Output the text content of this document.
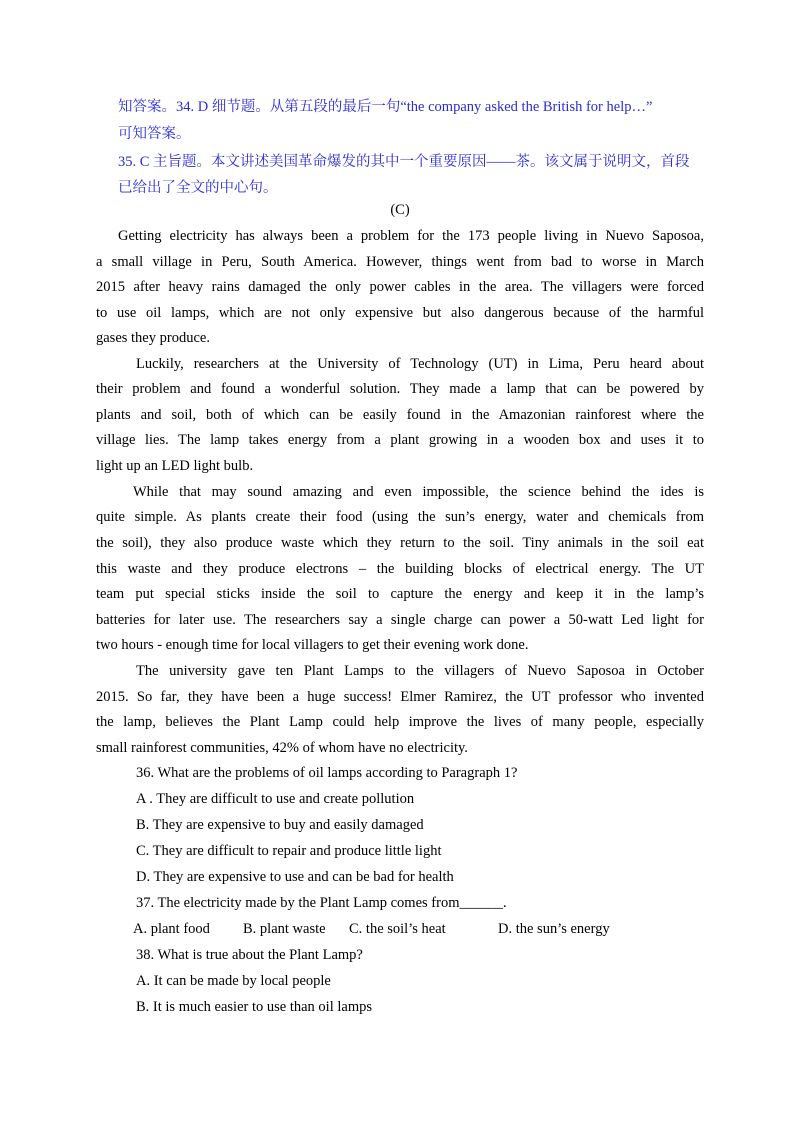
知答案。34. D 细节题。从第五段的最后一句“the company asked the British for help…”
可知答案。
35. C 主旨题。本文讲述美国革命爆发的其中一个重要原因——茶。该文属于说明文，首段
已给出了全文的中心句。
(C)
Getting electricity has always been a problem for the 173 people living in Nuevo Saposoa,
a small village in Peru, South America. However, things went from bad to worse in March
2015 after heavy rains damaged the only power cables in the area. The villagers were forced
to use oil lamps, which are not only expensive but also dangerous because of the harmful
gases they produce.
Luckily, researchers at the University of Technology (UT) in Lima, Peru heard about
their problem and found a wonderful solution. They made a lamp that can be powered by
plants and soil, both of which can be easily found in the Amazonian rainforest where the
village lies. The lamp takes energy from a plant growing in a wooden box and uses it to
light up an LED light bulb.
While that may sound amazing and even impossible, the science behind the ides is
quite simple. As plants create their food (using the sun’s energy, water and chemicals from
the soil), they also produce waste which they return to the soil. Tiny animals in the soil eat
this waste and they produce electrons – the building blocks of electrical energy. The UT
team put special sticks inside the soil to capture the energy and keep it in the lamp’s
batteries for later use. The researchers say a single charge can power a 50-watt Led light for
two hours - enough time for local villagers to get their evening work done.
The university gave ten Plant Lamps to the villagers of Nuevo Saposoa in October
2015. So far, they have been a huge success! Elmer Ramirez, the UT professor who invented
the lamp, believes the Plant Lamp could help improve the lives of many people, especially
small rainforest communities, 42% of whom have no electricity.
36. What are the problems of oil lamps according to Paragraph 1?
A . They are difficult to use and create pollution
B. They are expensive to buy and easily damaged
C. They are difficult to repair and produce little light
D. They are expensive to use and can be bad for health
37. The electricity made by the Plant Lamp comes from______.
A. plant food B. plant waste C. the soil’s heat	D. the sun’s energy
38. What is true about the Plant Lamp?
A. It can be made by local people
B. It is much easier to use than oil lamps
